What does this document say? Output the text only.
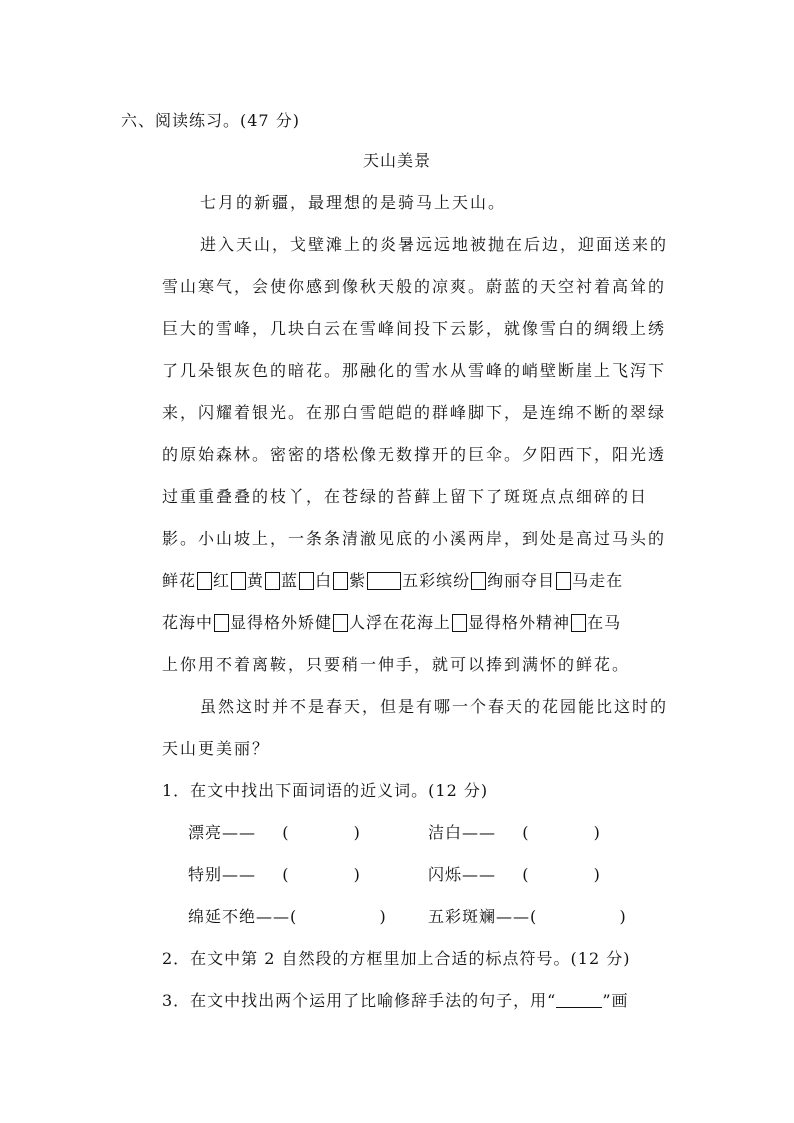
六、阅读练习。(47 分)
天山美景
七月的新疆，最理想的是骑马上天山。
进入天山，戈壁滩上的炎暑远远地被抛在后边，迎面送来的
雪山寒气，会使你感到像秋天般的凉爽。蔚蓝的天空衬着高耸的
巨大的雪峰，几块白云在雪峰间投下云影，就像雪白的绸缎上绣
了几朵银灰色的暗花。那融化的雪水从雪峰的峭壁断崖上飞泻下
来，闪耀着银光。在那白雪皑皑的群峰脚下，是连绵不断的翠绿
的原始森林。密密的塔松像无数撑开的巨伞。夕阳西下，阳光透
过重重叠叠的枝丫，在苍绿的苔藓上留下了斑斑点点细碎的日
影。小山坡上，一条条清澈见底的小溪两岸，到处是高过马头的
鲜花 红 黄 蓝 白 紫 五彩缤纷 绚丽夺目 马走在
花海中 显得格外矫健 人浮在花海上 显得格外精神 在马
上你用不着离鞍，只要稍一伸手，就可以捧到满怀的鲜花。
虽然这时并不是春天，但是有哪一个春天的花园能比这时的
天山更美丽？
1．在文中找出下面词语的近义词。(12 分)
漂亮—— (	)	洁白—— (	)
特别—— (	)	闪烁—— (	)
绵延不绝——(	)	五彩斑斓——(	)
2．在文中第 2 自然段的方框里加上合适的标点符号。(12 分)
3．在文中找出两个运用了比喻修辞手法的句子，用“	”画
